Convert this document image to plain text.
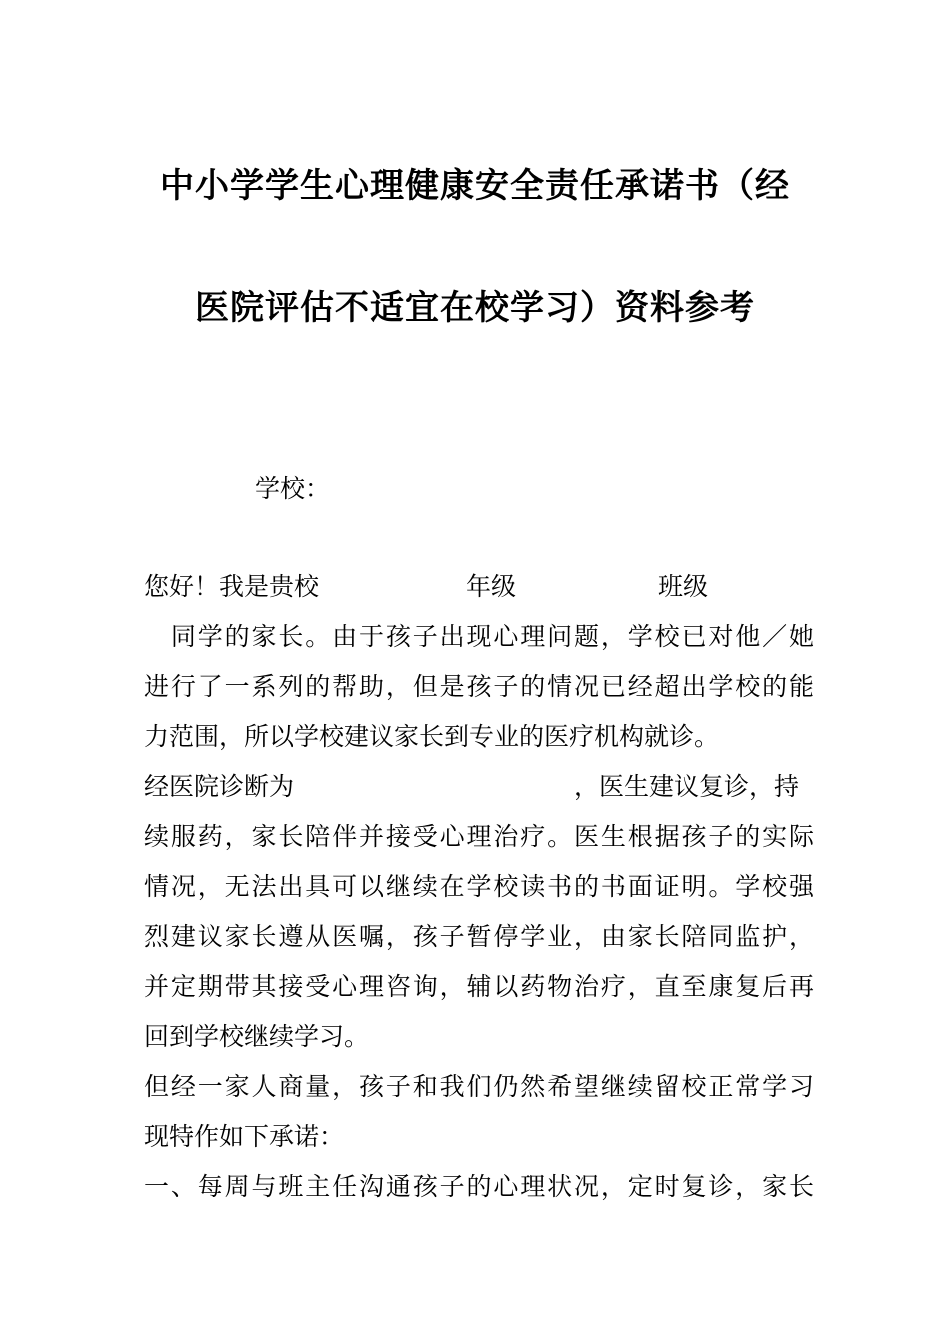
中小学学生心理健康安全责任承诺书（经
医院评估不适宜在校学习）资料参考
学校：
您好！我是贵校	年级	班级
　同学的家长。由于孩子出现心理问题，学校已对他／她
进行了一系列的帮助，但是孩子的情况已经超出学校的能
力范围，所以学校建议家长到专业的医疗机构就诊。
经医院诊断为	，医生建议复诊，持
续服药，家长陪伴并接受心理治疗。医生根据孩子的实际
情况，无法出具可以继续在学校读书的书面证明。学校强
烈建议家长遵从医嘱，孩子暂停学业，由家长陪同监护，
并定期带其接受心理咨询，辅以药物治疗，直至康复后再
回到学校继续学习。
但经一家人商量，孩子和我们仍然希望继续留校正常学习
现特作如下承诺：
一、每周与班主任沟通孩子的心理状况，定时复诊，家长
